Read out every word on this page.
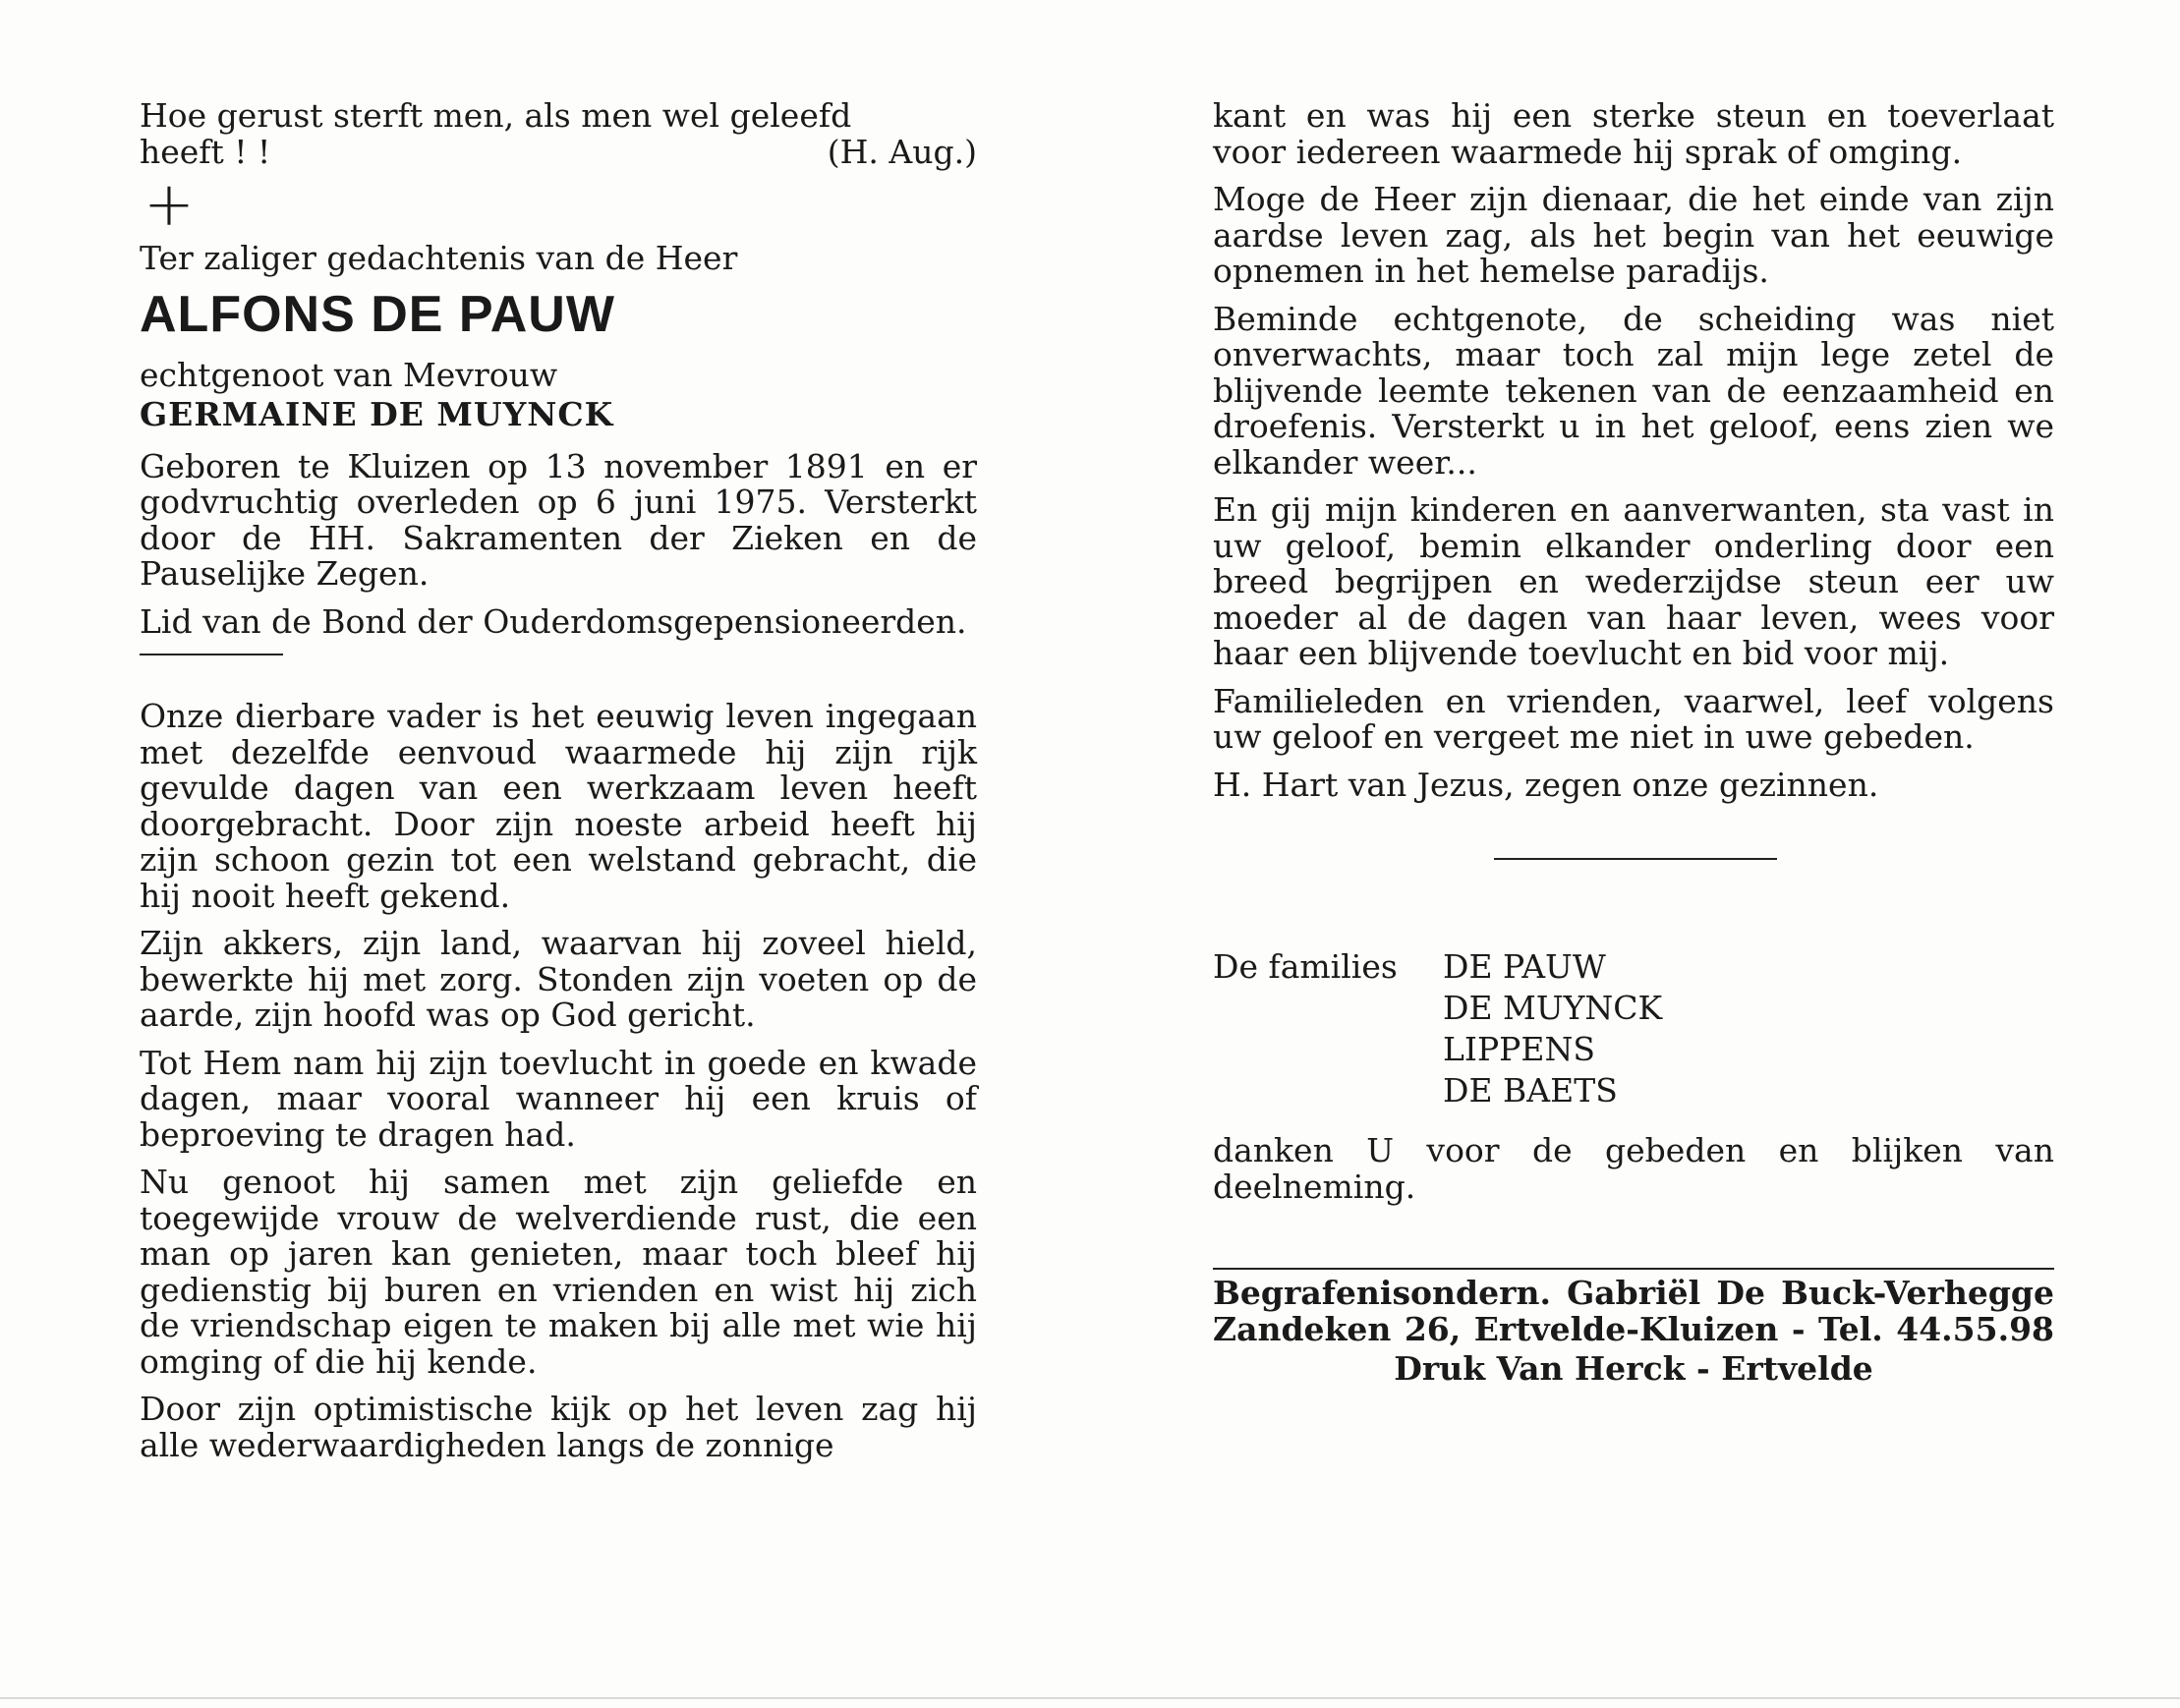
Hoe gerust sterft men, als men wel geleefd
heeft ! !	(H. Aug.)

+

Ter zaliger gedachtenis van de Heer

ALFONS DE PAUW

echtgenoot van Mevrouw

GERMAINE DE MUYNCK

Geboren te Kluizen op 13 november 1891 en er godvruchtig overleden op 6 juni 1975. Versterkt door de HH. Sakramenten der Zieken en de Pauselijke Zegen.

Lid van de Bond der Ouderdomsgepensioneerden.

Onze dierbare vader is het eeuwig leven ingegaan met dezelfde eenvoud waarmede hij zijn rijk gevulde dagen van een werkzaam leven heeft doorgebracht. Door zijn noeste arbeid heeft hij zijn schoon gezin tot een welstand gebracht, die hij nooit heeft gekend.

Zijn akkers, zijn land, waarvan hij zoveel hield, bewerkte hij met zorg. Stonden zijn voeten op de aarde, zijn hoofd was op God gericht.

Tot Hem nam hij zijn toevlucht in goede en kwade dagen, maar vooral wanneer hij een kruis of beproeving te dragen had.

Nu genoot hij samen met zijn geliefde en toegewijde vrouw de welverdiende rust, die een man op jaren kan genieten, maar toch bleef hij gedienstig bij buren en vrienden en wist hij zich de vriendschap eigen te maken bij alle met wie hij omging of die hij kende.

Door zijn optimistische kijk op het leven zag hij alle wederwaardigheden langs de zonnige

kant en was hij een sterke steun en toeverlaat voor iedereen waarmede hij sprak of omging.

Moge de Heer zijn dienaar, die het einde van zijn aardse leven zag, als het begin van het eeuwige opnemen in het hemelse paradijs.

Beminde echtgenote, de scheiding was niet onverwachts, maar toch zal mijn lege zetel de blijvende leemte tekenen van de eenzaamheid en droefenis. Versterkt u in het geloof, eens zien we elkander weer...

En gij mijn kinderen en aanverwanten, sta vast in uw geloof, bemin elkander onderling door een breed begrijpen en wederzijdse steun eer uw moeder al de dagen van haar leven, wees voor haar een blijvende toevlucht en bid voor mij.

Familieleden en vrienden, vaarwel, leef volgens uw geloof en vergeet me niet in uwe gebeden.

H. Hart van Jezus, zegen onze gezinnen.

De families	DE PAUW
DE MUYNCK
LIPPENS
DE BAETS

danken U voor de gebeden en blijken van deelneming.

Begrafenisondern. Gabriël De Buck-Verhegge

Zandeken 26, Ertvelde-Kluizen - Tel. 44.55.98

Druk Van Herck - Ertvelde
